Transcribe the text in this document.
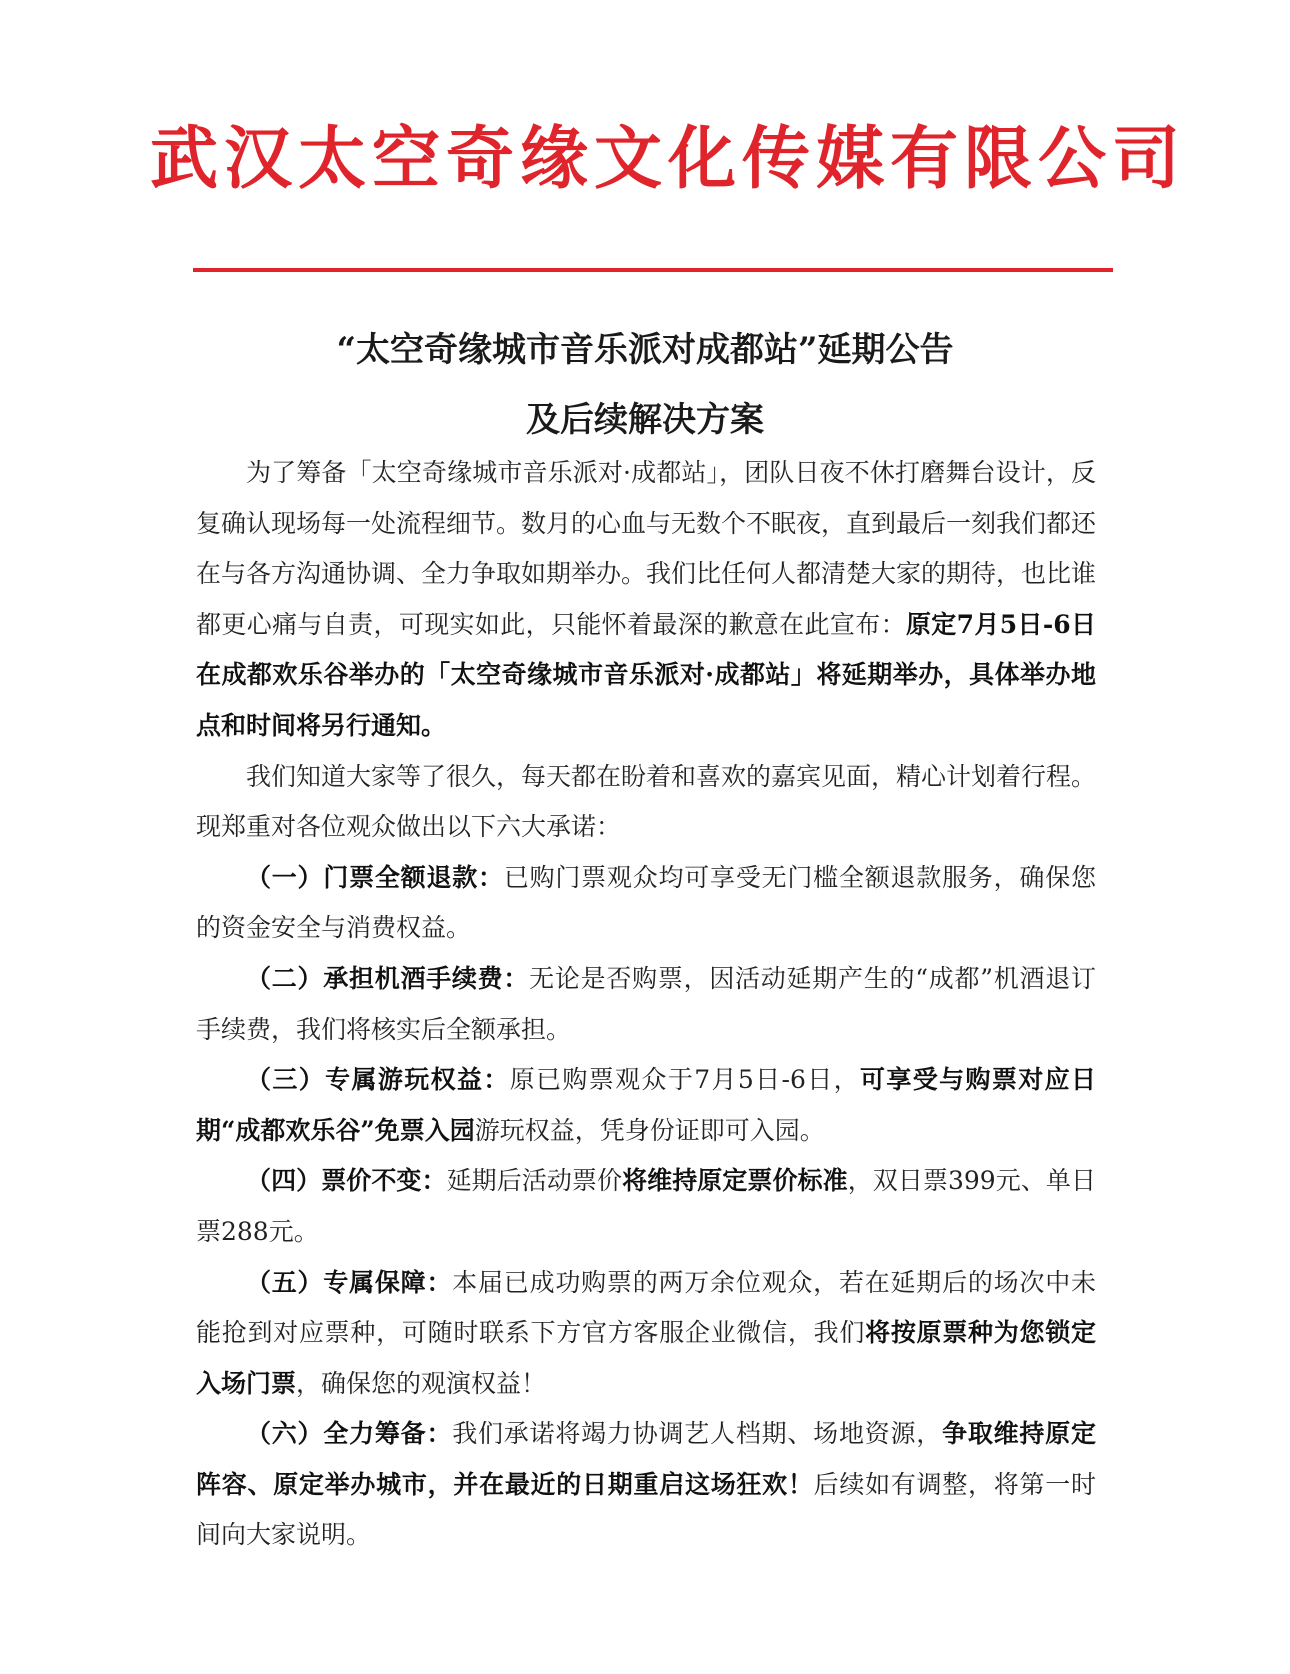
武汉太空奇缘文化传媒有限公司
“太空奇缘城市音乐派对成都站”延期公告
及后续解决方案

为了筹备「太空奇缘城市音乐派对·成都站」，团队日夜不休打磨舞台设计，反复确认现场每一处流程细节。数月的心血与无数个不眠夜，直到最后一刻我们都还在与各方沟通协调、全力争取如期举办。我们比任何人都清楚大家的期待，也比谁都更心痛与自责，可现实如此，只能怀着最深的歉意在此宣布：原定7月5日-6日在成都欢乐谷举办的「太空奇缘城市音乐派对·成都站」将延期举办，具体举办地点和时间将另行通知。

我们知道大家等了很久，每天都在盼着和喜欢的嘉宾见面，精心计划着行程。现郑重对各位观众做出以下六大承诺：

（一）门票全额退款：已购门票观众均可享受无门槛全额退款服务，确保您的资金安全与消费权益。

（二）承担机酒手续费：无论是否购票，因活动延期产生的“成都”机酒退订手续费，我们将核实后全额承担。

（三）专属游玩权益：原已购票观众于7月5日-6日，可享受与购票对应日期“成都欢乐谷”免票入园游玩权益，凭身份证即可入园。

（四）票价不变：延期后活动票价将维持原定票价标准，双日票399元、单日票288元。

（五）专属保障：本届已成功购票的两万余位观众，若在延期后的场次中未能抢到对应票种，可随时联系下方官方客服企业微信，我们将按原票种为您锁定入场门票，确保您的观演权益！

（六）全力筹备：我们承诺将竭力协调艺人档期、场地资源，争取维持原定阵容、原定举办城市，并在最近的日期重启这场狂欢！后续如有调整，将第一时间向大家说明。
